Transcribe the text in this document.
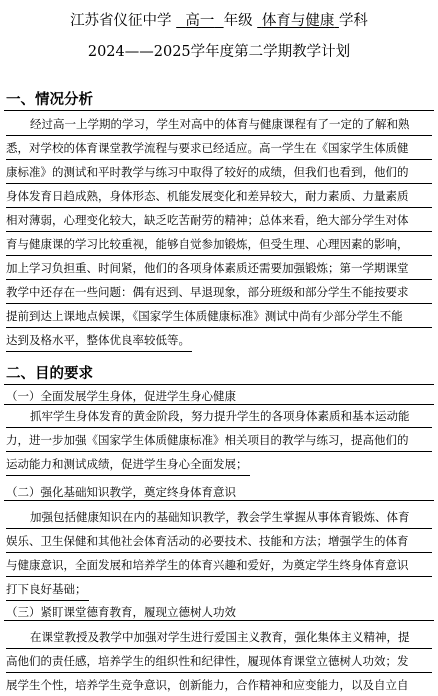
江苏省仪征中学 高一 年级 体育与健康 学科
2024——2025学年度第二学期教学计划
一、情况分析
经过高一上学期的学习，学生对高中的体育与健康课程有了一定的了解和熟
悉，对学校的体育课堂教学流程与要求已经适应。高一学生在《国家学生体质健
康标准》的测试和平时教学与练习中取得了较好的成绩，但我们也看到，他们的
身体发育日趋成熟，身体形态、机能发展变化和差异较大，耐力素质、力量素质
相对薄弱，心理变化较大，缺乏吃苦耐劳的精神；总体来看，绝大部分学生对体
育与健康课的学习比较重视，能够自觉参加锻炼，但受生理、心理因素的影响，
加上学习负担重、时间紧，他们的各项身体素质还需要加强锻炼；第一学期课堂
教学中还存在一些问题：偶有迟到、早退现象，部分班级和部分学生不能按要求
提前到达上课地点候课，《国家学生体质健康标准》测试中尚有少部分学生不能
达到及格水平，整体优良率较低等。
二、目的要求
（一）全面发展学生身体，促进学生身心健康
抓牢学生身体发育的黄金阶段，努力提升学生的各项身体素质和基本运动能
力，进一步加强《国家学生体质健康标准》相关项目的教学与练习，提高他们的
运动能力和测试成绩，促进学生身心全面发展；
（二）强化基础知识教学，奠定终身体育意识
加强包括健康知识在内的基础知识教学，教会学生掌握从事体育锻炼、体育
娱乐、卫生保健和其他社会体育活动的必要技术、技能和方法；增强学生的体育
与健康意识，全面发展和培养学生的体育兴趣和爱好，为奠定学生终身体育意识
打下良好基础；
（三）紧盯课堂德育教育，履现立德树人功效
在课堂教授及教学中加强对学生进行爱国主义教育，强化集体主义精神，提
高他们的责任感，培养学生的组织性和纪律性，履现体育课堂立德树人功效；发
展学生个性，培养学生竞争意识，创新能力，合作精神和应变能力，以及自立自
